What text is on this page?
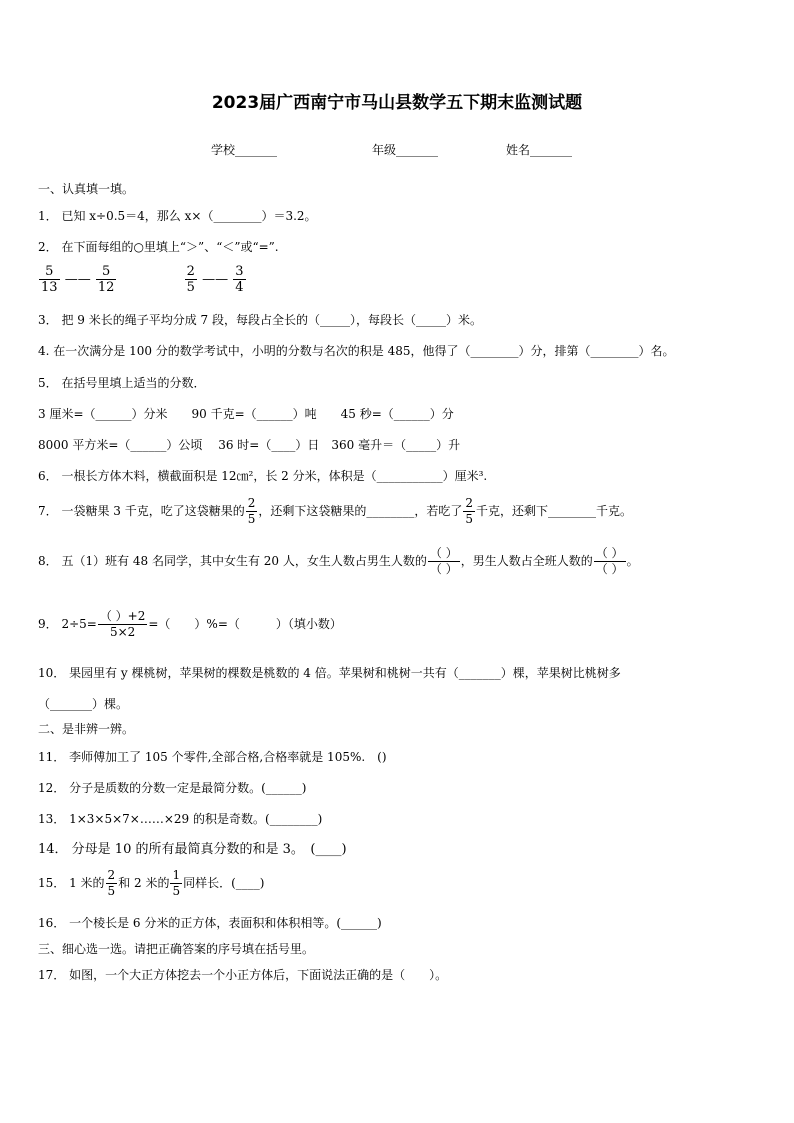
2023届广西南宁市马山县数学五下期末监测试题
学校_______	年级_______	姓名_______
一、认真填一填。
1． 已知 x÷0.5＝4，那么 x×（________）＝3.2。
2． 在下面每组的○里填上“＞”、“＜”或“=”.
$\frac{5}{13}$ —— $\frac{5}{12}$
	$\frac{2}{5}$ —— $\frac{3}{4}$
3． 把 9 米长的绳子平均分成 7 段，每段占全长的（_____），每段长（_____）米。
4. 在一次满分是 100 分的数学考试中，小明的分数与名次的积是 485，他得了（________）分，排第（________）名。
5． 在括号里填上适当的分数．
3 厘米=（______）分米　　90 千克=（______）吨　　45 秒=（______）分
8000 平方米=（______）公顷　 36 时=（____）日　360 毫升＝（_____）升
6． 一根长方体木料，横截面积是 12㎝²，长 2 分米，体积是（___________）厘米³.
7． 一袋糖果 3 千克，吃了这袋糖果的 $\frac{2}{5}$ ，还剩下这袋糖果的________，若吃了 $\frac{2}{5}$ 千克，还剩下________千克。
8． 五（1）班有 48 名同学，其中女生有 20 人，女生人数占男生人数的
（ ）
（ ）
，男生人数占全班人数的
（ ）
（ ）
。
9． $2\div 5= \frac{( )+2}{5\times 2}$ =（　　）%=（　　　）（填小数）
10． 果园里有 y 棵桃树，苹果树的棵数是桃数的 4 倍。苹果树和桃树一共有（_______）棵，苹果树比桃树多
（_______）棵。
二、是非辨一辨。
11． 李师傅加工了 105 个零件,全部合格,合格率就是 105%.　()
12． 分子是质数的分数一定是最简分数。(______)
13． 1×3×5×7×……×29 的积是奇数。(________)
14． 分母是 10 的所有最简真分数的和是 3。　(____)
15． 1 米的 $\frac{2}{5}$ 和 2 米的 $\frac{1}{5}$ 同样长．(____)
16． 一个棱长是 6 分米的正方体，表面积和体积相等。(______)
三、细心选一选。请把正确答案的序号填在括号里。
17． 如图，一个大正方体挖去一个小正方体后，下面说法正确的是（　　）。
